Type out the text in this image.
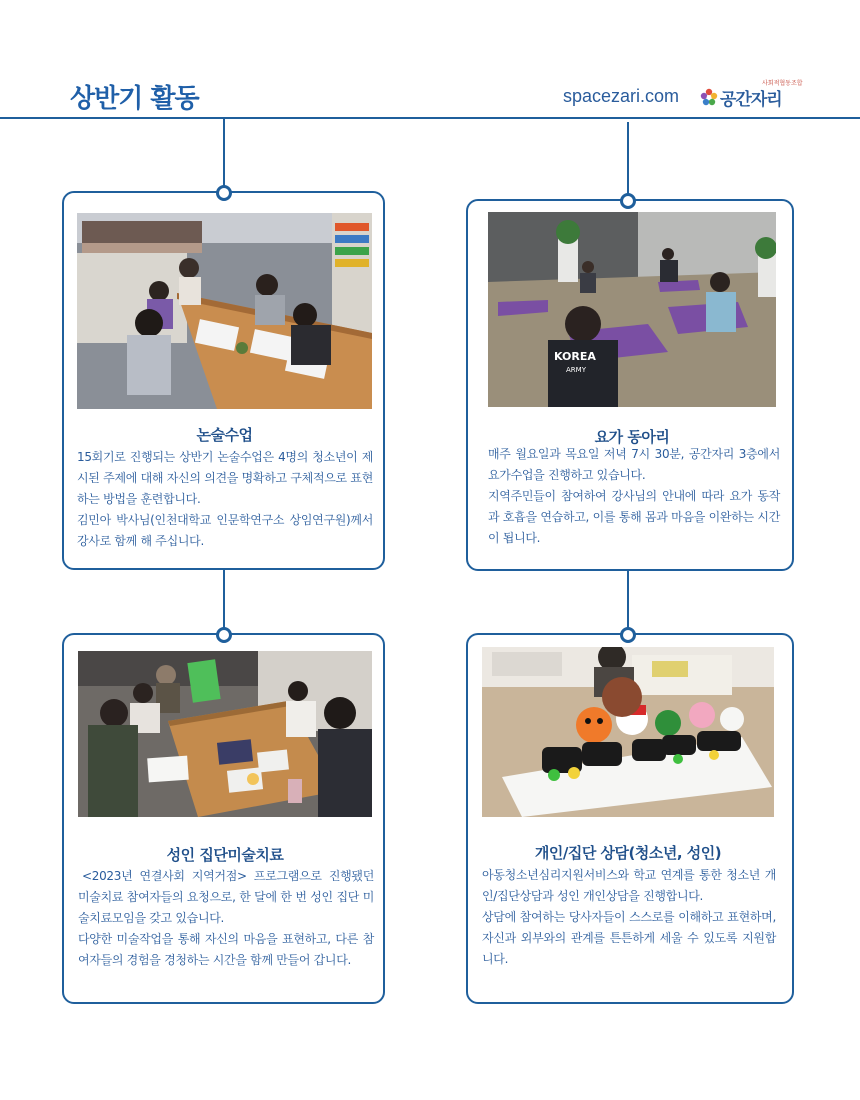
상반기 활동	spacezari.com
사회적협동조합
공간자리
논술수업

15회기로 진행되는 상반기 논술수업은 4명의 청소년이 제시된 주제에 대해 자신의 의견을 명확하고 구체적으로 표현하는 방법을 훈련합니다.

김민아 박사님(인천대학교 인문학연구소 상임연구원)께서 강사로 함께 해 주십니다.

KOREA
ARMY
요가 동아리

매주 월요일과 목요일 저녁 7시 30분, 공간자리 3층에서 요가수업을 진행하고 있습니다.

지역주민들이 참여하여 강사님의 안내에 따라 요가 동작과 호흡을 연습하고, 이를 통해 몸과 마음을 이완하는 시간이 됩니다.

성인 집단미술치료

<2023년 연결사회 지역거점> 프로그램으로 진행됐던 미술치료 참여자들의 요청으로, 한 달에 한 번 성인 집단 미술치료모임을 갖고 있습니다.

다양한 미술작업을 통해 자신의 마음을 표현하고, 다른 참여자들의 경험을 경청하는 시간을 함께 만들어 갑니다.

개인/집단 상담(청소년, 성인)

아동청소년심리지원서비스와 학교 연계를 통한 청소년 개인/집단상담과 성인 개인상담을 진행합니다.

상담에 참여하는 당사자들이 스스로를 이해하고 표현하며, 자신과 외부와의 관계를 튼튼하게 세울 수 있도록 지원합니다.
